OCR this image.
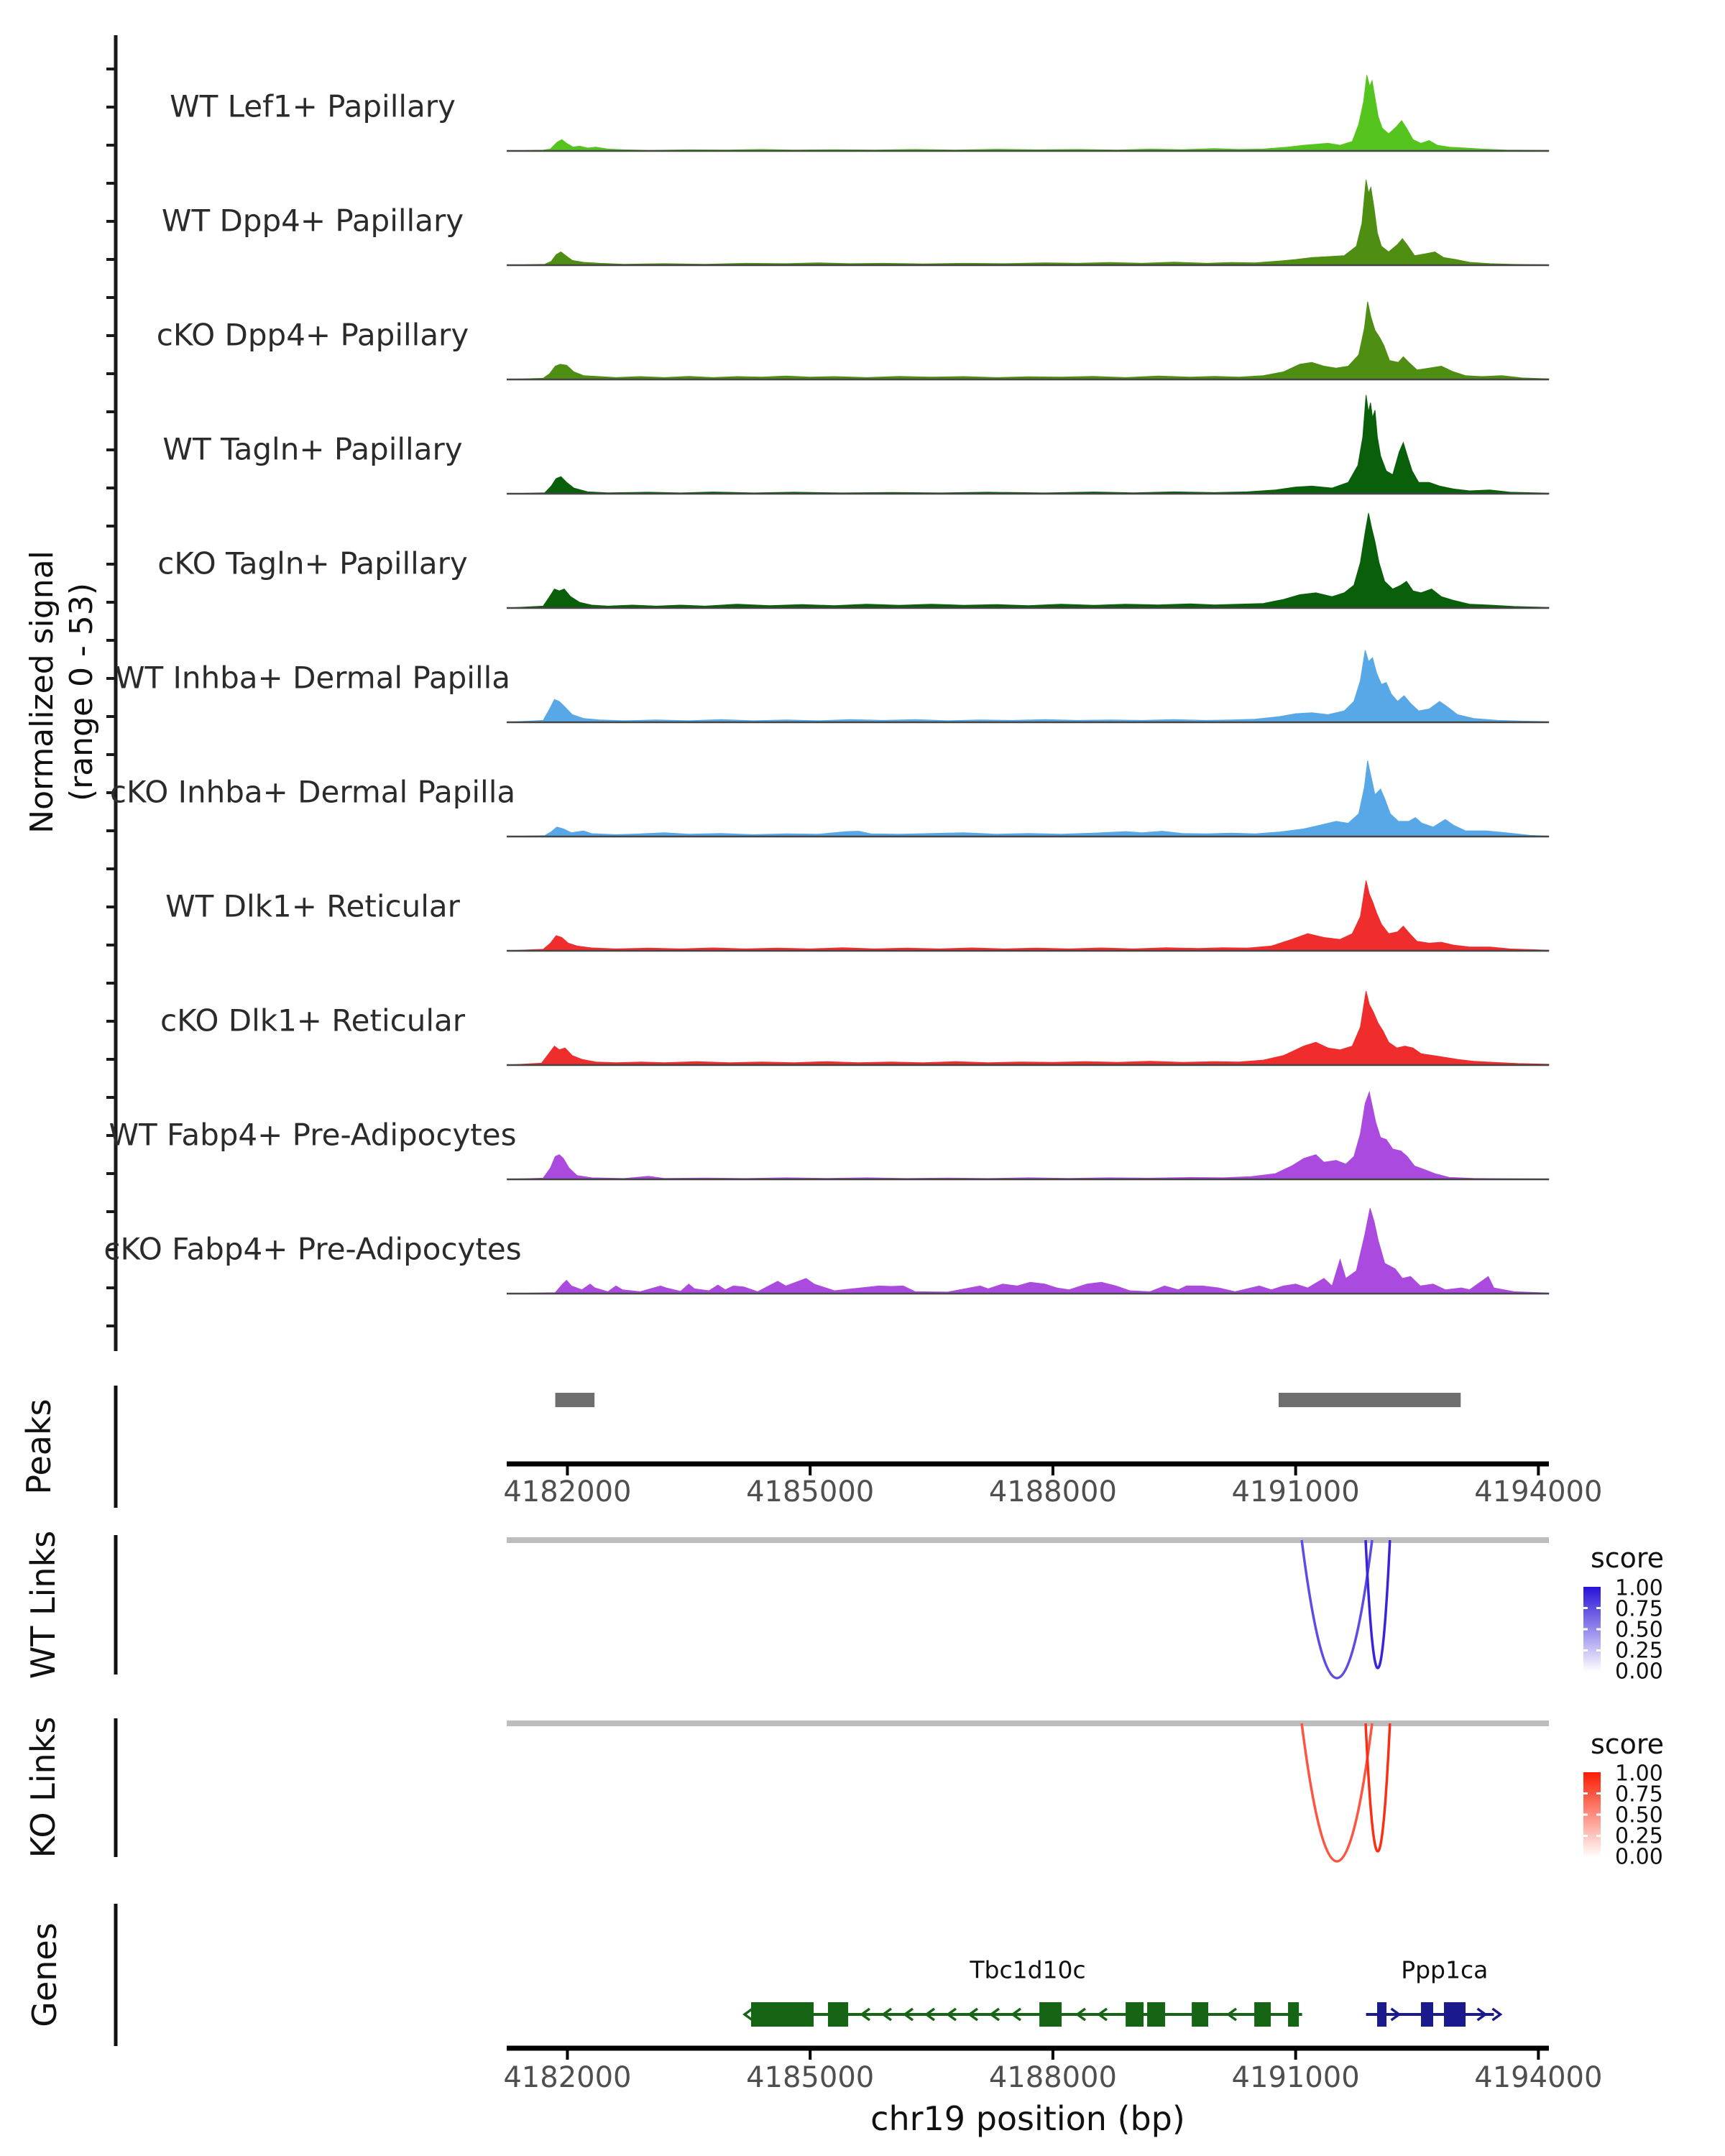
Normalized signal (range 0 - 53)
Peaks
WT Links
KO Links
Genes
chr19 position (bp)
WT Lef1+ Papillary
WT Dpp4+ Papillary
cKO Dpp4+ Papillary
WT Tagln+ Papillary
cKO Tagln+ Papillary
WT Inhba+ Dermal Papilla
cKO Inhba+ Dermal Papilla
WT Dlk1+ Reticular
cKO Dlk1+ Reticular
WT Fabp4+ Pre-Adipocytes
cKO Fabp4+ Pre-Adipocytes
4182000	4185000	4188000	4191000	4194000
4182000	4185000	4188000	4191000	4194000
score
1.00
0.75
0.50
0.25
0.00
score
1.00
0.75
0.50
0.25
0.00
Tbc1d10c	Ppp1ca
